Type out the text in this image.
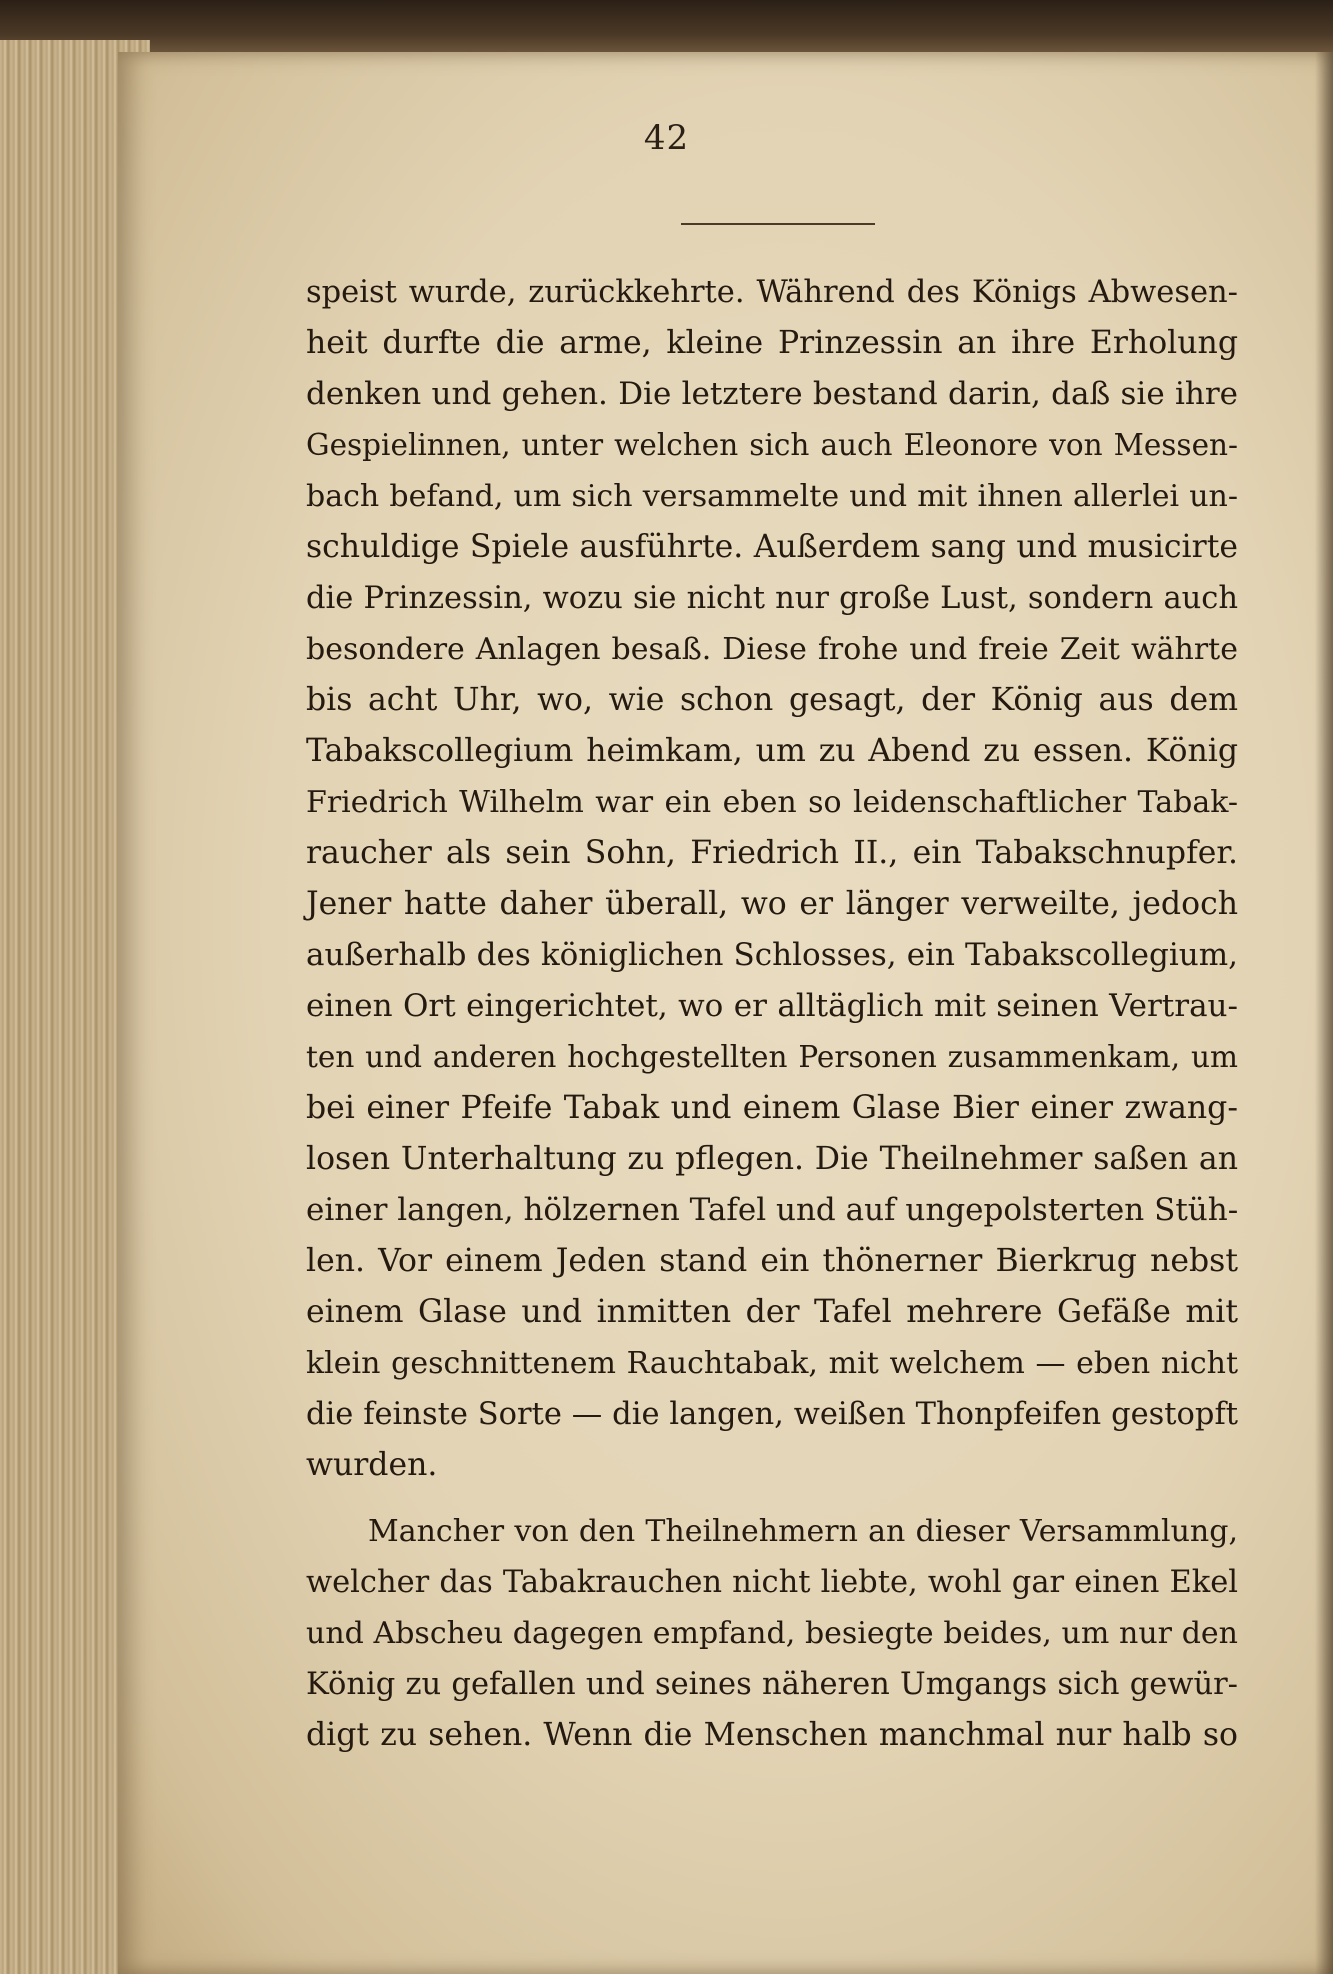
42
speist wurde, zurückkehrte. Während des Königs Abwesen-
heit durfte die arme, kleine Prinzessin an ihre Erholung
denken und gehen. Die letztere bestand darin, daß sie ihre
Gespielinnen, unter welchen sich auch Eleonore von Messen-
bach befand, um sich versammelte und mit ihnen allerlei un-
schuldige Spiele ausführte. Außerdem sang und musicirte
die Prinzessin, wozu sie nicht nur große Lust, sondern auch
besondere Anlagen besaß. Diese frohe und freie Zeit währte
bis acht Uhr, wo, wie schon gesagt, der König aus dem
Tabakscollegium heimkam, um zu Abend zu essen. König
Friedrich Wilhelm war ein eben so leidenschaftlicher Tabak-
raucher als sein Sohn, Friedrich II., ein Tabakschnupfer.
Jener hatte daher überall, wo er länger verweilte, jedoch
außerhalb des königlichen Schlosses, ein Tabakscollegium,
einen Ort eingerichtet, wo er alltäglich mit seinen Vertrau-
ten und anderen hochgestellten Personen zusammenkam, um
bei einer Pfeife Tabak und einem Glase Bier einer zwang-
losen Unterhaltung zu pflegen. Die Theilnehmer saßen an
einer langen, hölzernen Tafel und auf ungepolsterten Stüh-
len. Vor einem Jeden stand ein thönerner Bierkrug nebst
einem Glase und inmitten der Tafel mehrere Gefäße mit
klein geschnittenem Rauchtabak, mit welchem — eben nicht
die feinste Sorte — die langen, weißen Thonpfeifen gestopft
wurden.
Mancher von den Theilnehmern an dieser Versammlung,
welcher das Tabakrauchen nicht liebte, wohl gar einen Ekel
und Abscheu dagegen empfand, besiegte beides, um nur den
König zu gefallen und seines näheren Umgangs sich gewür-
digt zu sehen. Wenn die Menschen manchmal nur halb so
